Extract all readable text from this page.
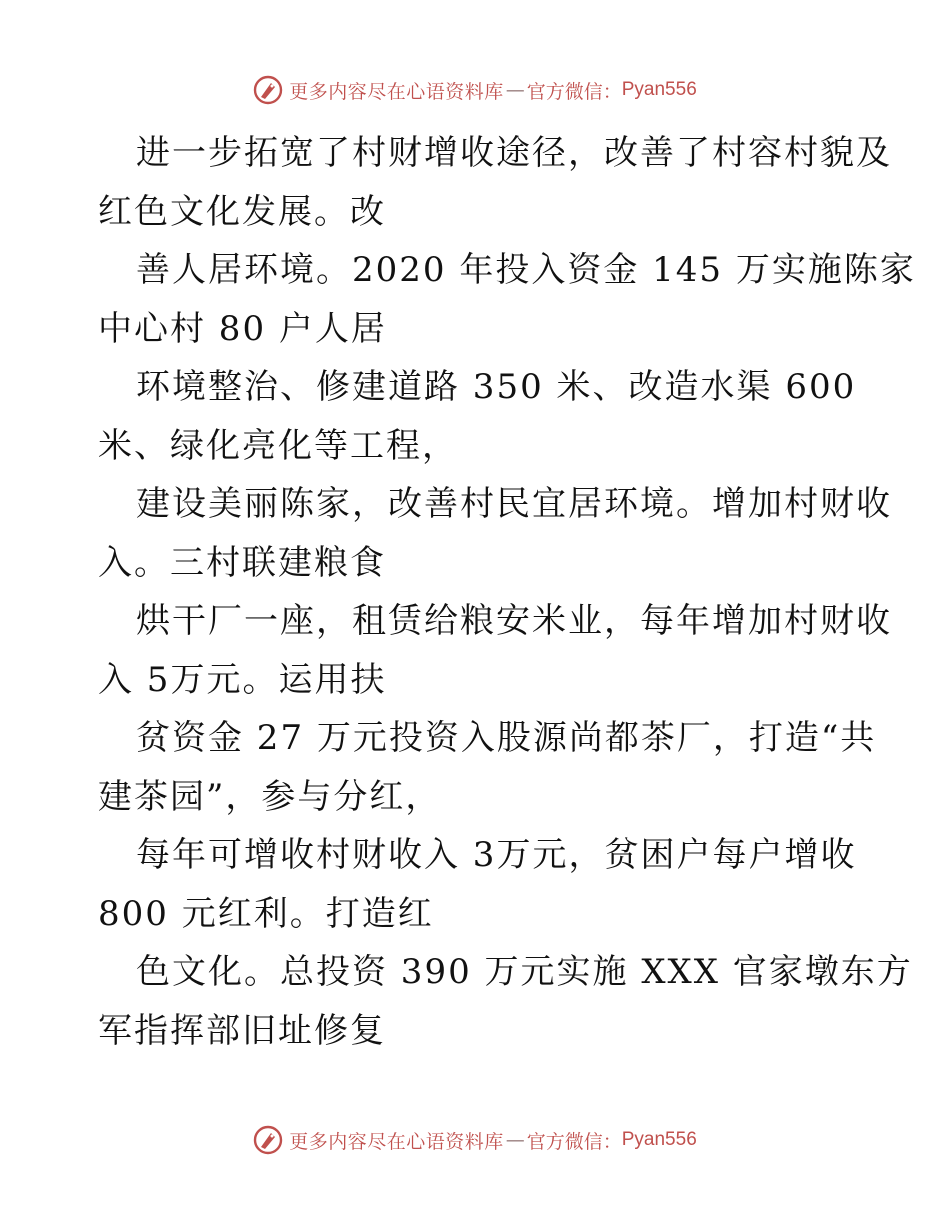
更多内容尽在心语资料库 — 官方微信： Pyan556
进一步拓宽了村财增收途径，改善了村容村貌及
红色文化发展。改
善人居环境。2020 年投入资金 145 万实施陈家
中心村 80 户人居
环境整治、修建道路 350 米、改造水渠 600
米、绿化亮化等工程，
建设美丽陈家，改善村民宜居环境。增加村财收
入。三村联建粮食
烘干厂一座，租赁给粮安米业，每年增加村财收
入 5万元。运用扶
贫资金 27 万元投资入股源尚都茶厂，打造“共
建茶园”，参与分红，
每年可增收村财收入 3万元，贫困户每户增收
800 元红利。打造红
色文化。总投资 390 万元实施 XXX 官家墩东方
军指挥部旧址修复
更多内容尽在心语资料库 — 官方微信： Pyan556
